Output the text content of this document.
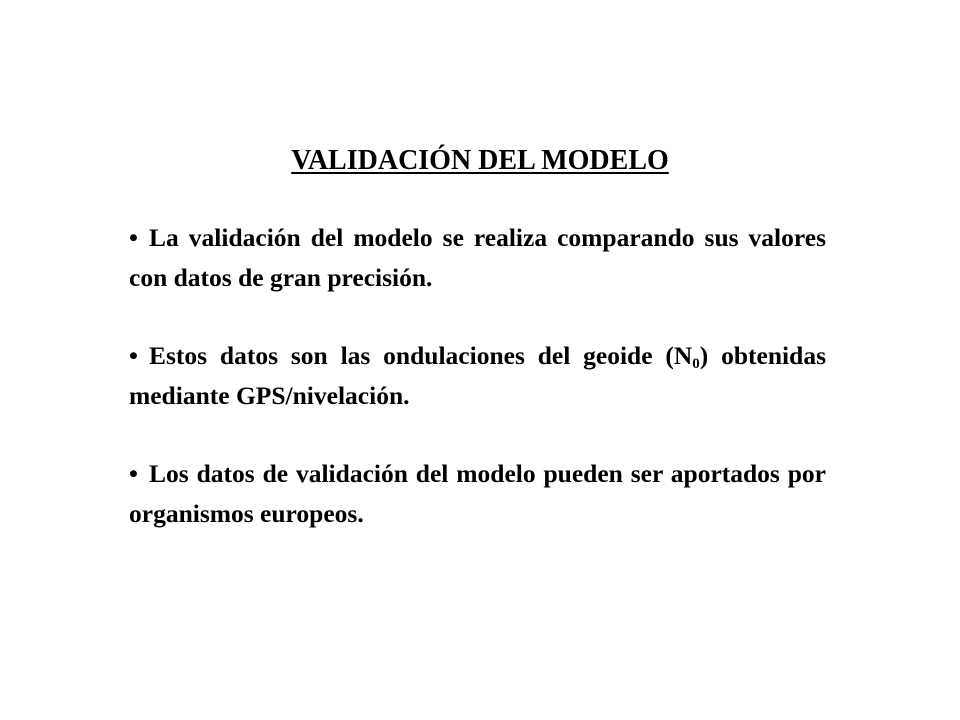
VALIDACIÓN DEL MODELO
• La validación del modelo se realiza comparando sus valores con datos de gran precisión.
• Estos datos son las ondulaciones del geoide $(N_0)$ obtenidas mediante GPS/nivelación.
• Los datos de validación del modelo pueden ser aportados por organismos europeos.
